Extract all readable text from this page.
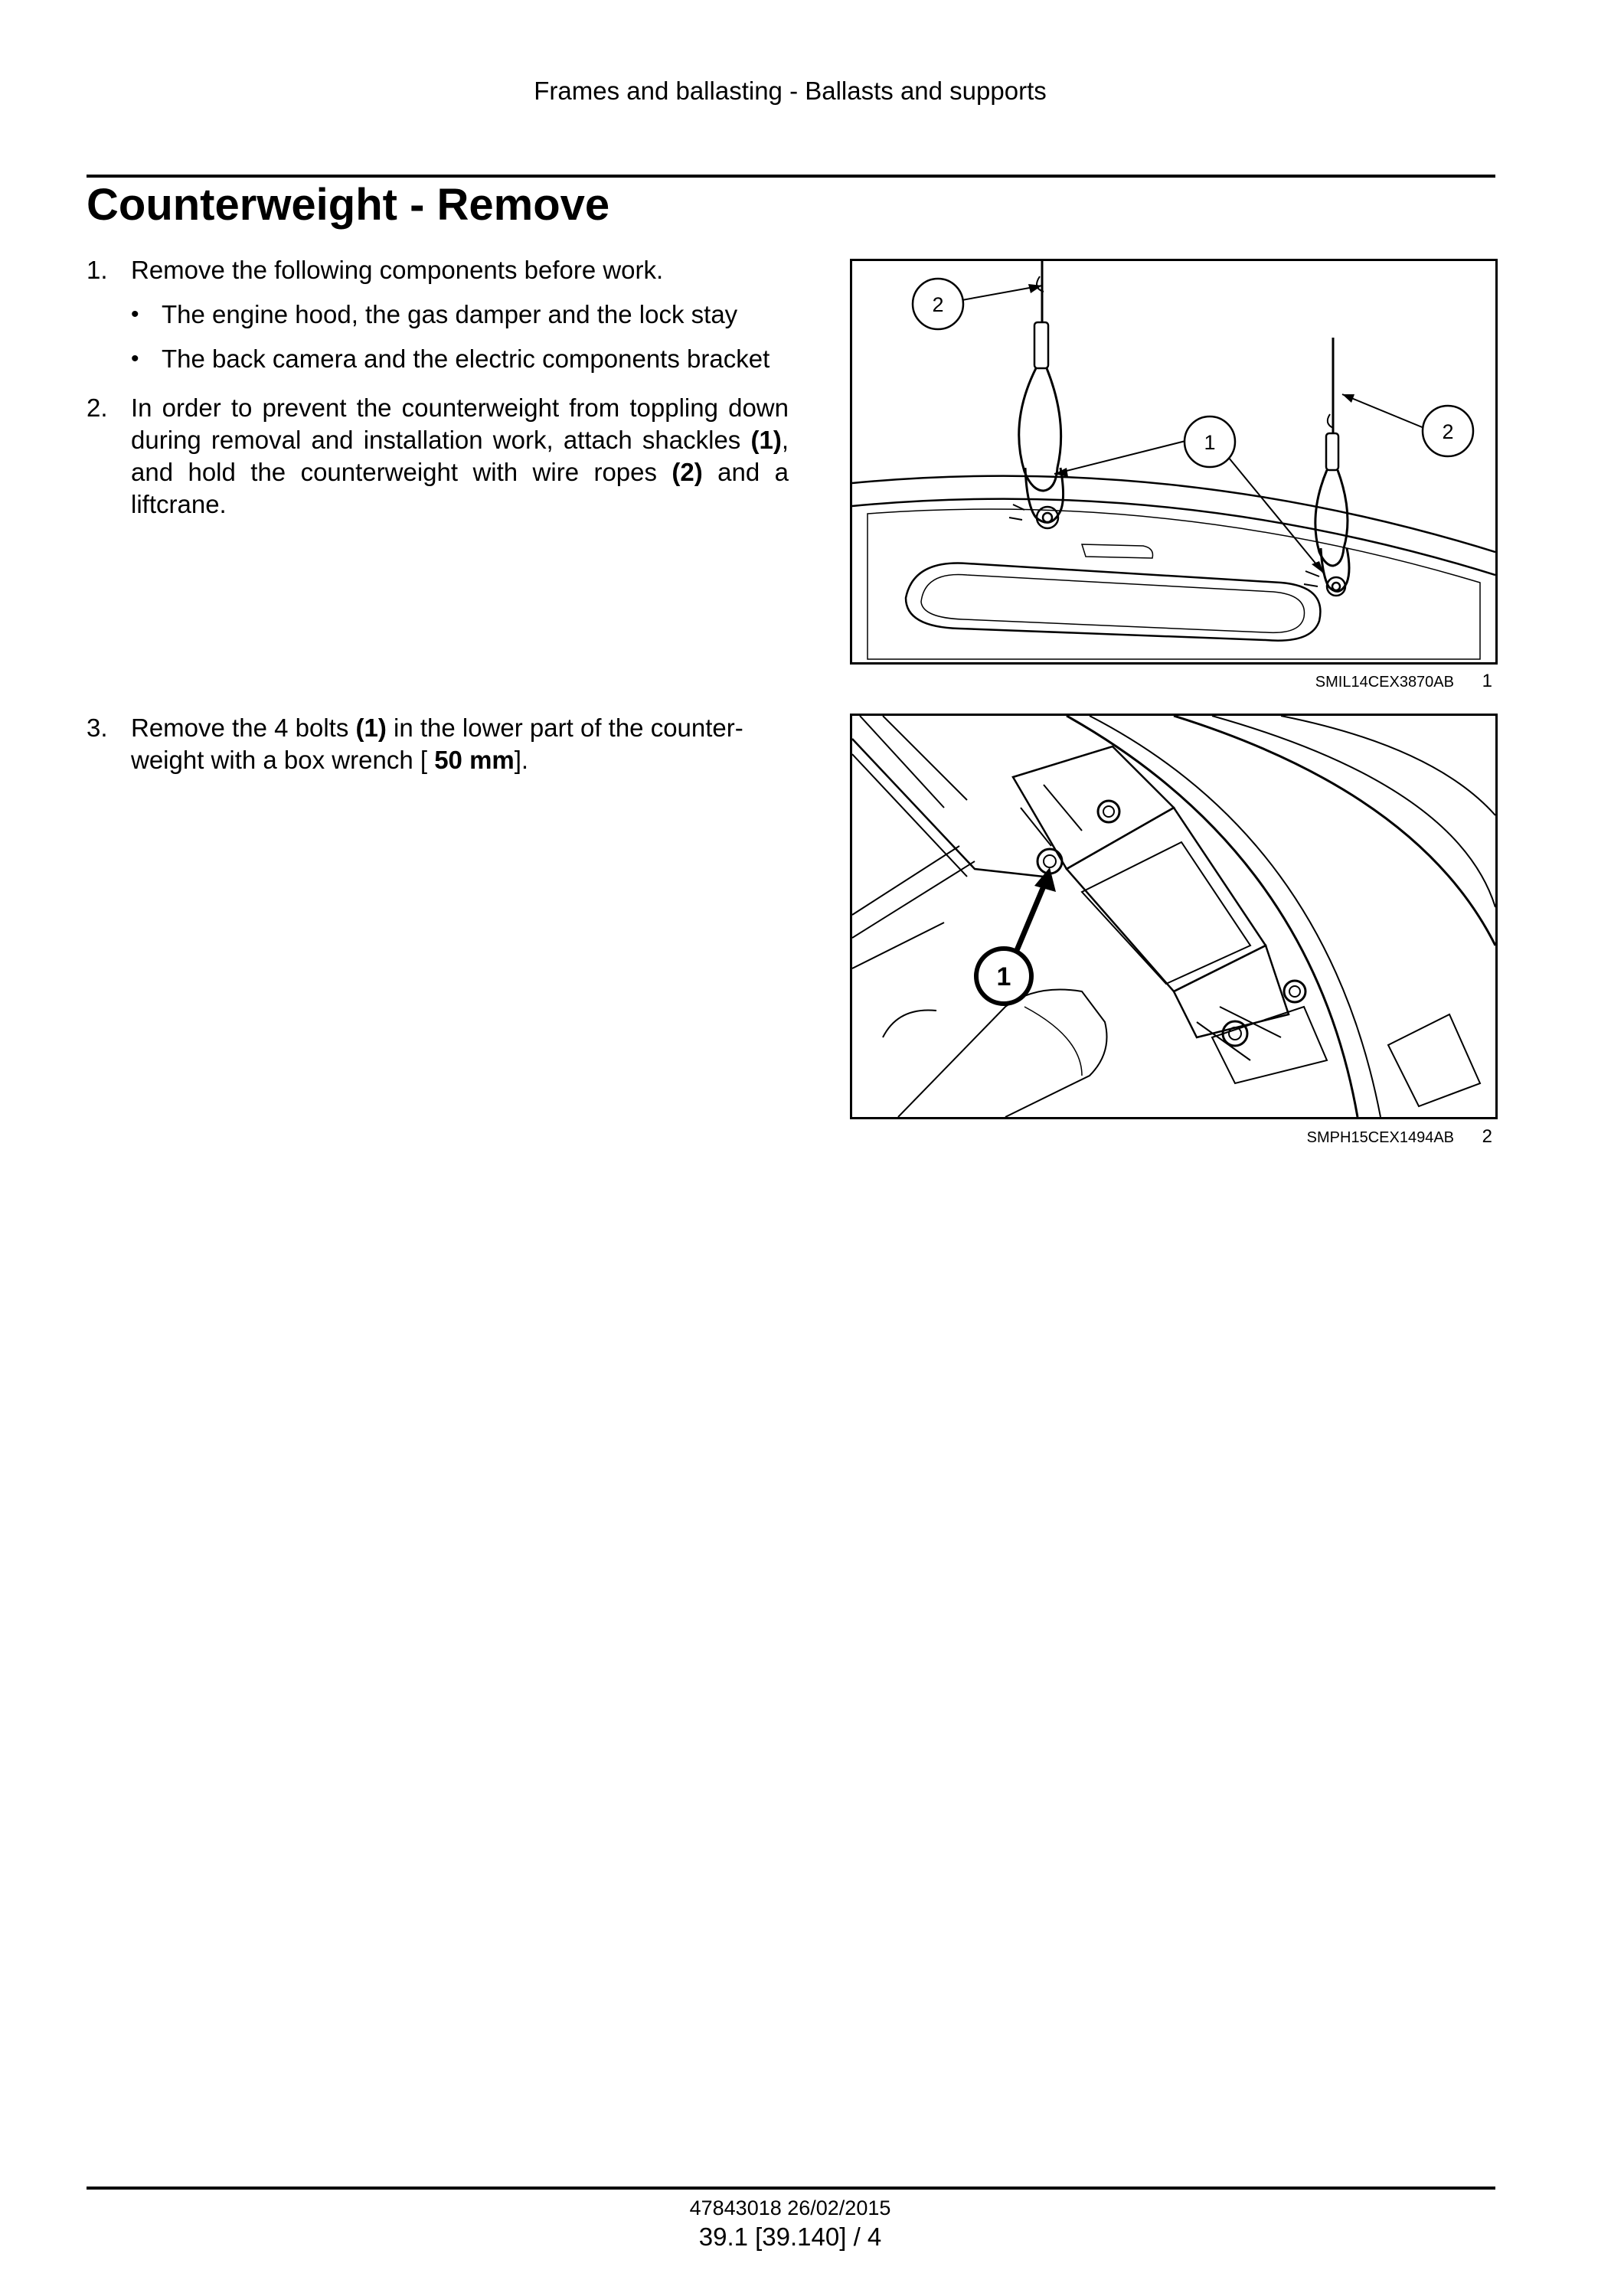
Frames and ballasting - Ballasts and supports
Counterweight - Remove
1. Remove the following components before work.
• The engine hood, the gas damper and the lock stay
• The back camera and the electric components bracket
2. In order to prevent the counterweight from toppling down during removal and installation work, attach shackles (1), and hold the counterweight with wire ropes (2) and a liftcrane.
3. Remove the 4 bolts (1) in the lower part of the counter- weight with a box wrench [ 50 mm].
2
1	2
SMIL14CEX3870AB 1
1
SMPH15CEX1494AB 2
47843018 26/02/2015
39.1 [39.140] / 4
